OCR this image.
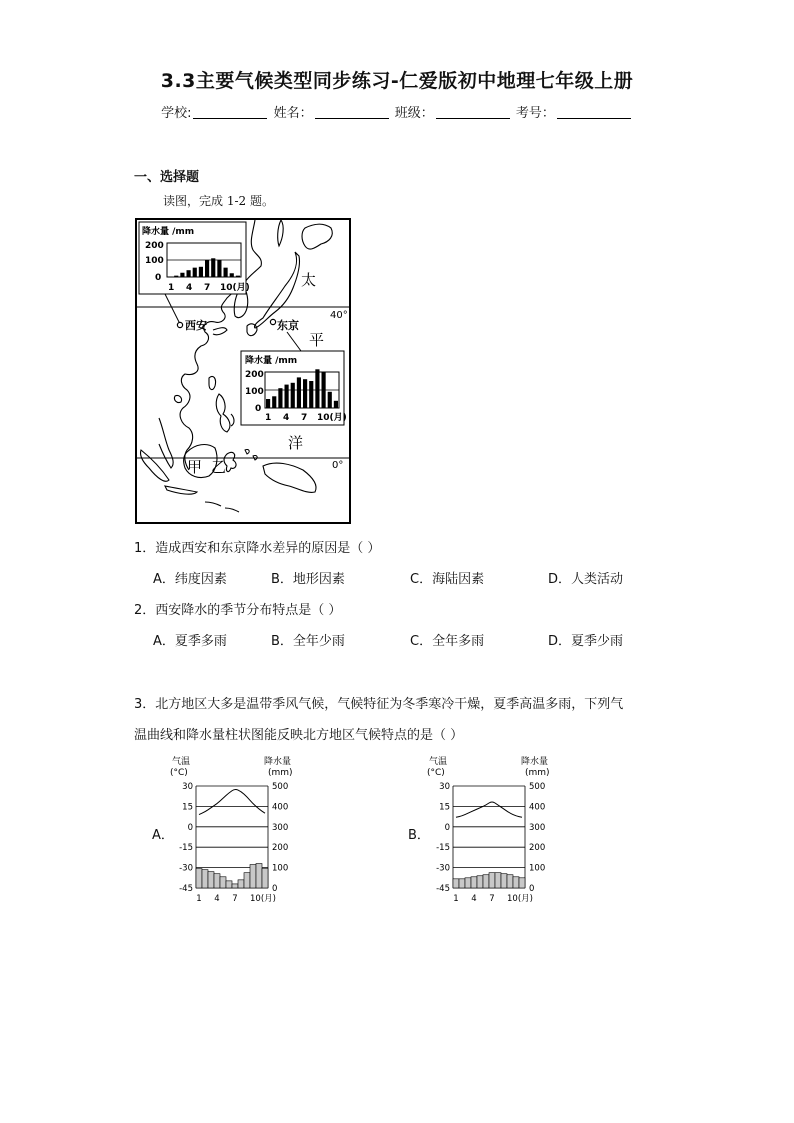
3.3主要气候类型同步练习-仁爱版初中地理七年级上册
学校:	姓名：	班级：	考号：
一、选择题
读图，完成 1-2 题。
西安
降水量 /mm
200
100
0
1 4 7 10(月)
东京
降水量 /mm
200
100
0
1 4 7 10(月)
太
平
洋
40°
0°
甲 乙
1．造成西安和东京降水差异的原因是（ ）
A．纬度因素	B．地形因素	C．海陆因素	D．人类活动
2．西安降水的季节分布特点是（ ）
A．夏季多雨	B．全年少雨	C．全年多雨	D．夏季少雨
3．北方地区大多是温带季风气候，气候特征为冬季寒冷干燥，夏季高温多雨，下列气
温曲线和降水量柱状图能反映北方地区气候特点的是（ ）
A．	B．
气温
(°C)
降水量
(mm)
30
15
0
-15
-30
-45
500
400
300
200
100
0
1 4 7 10(月)
气温
(°C)
降水量
(mm)
30
15
0
-15
-30
-45
500
400
300
200
100
0
1 4 7 10(月)
